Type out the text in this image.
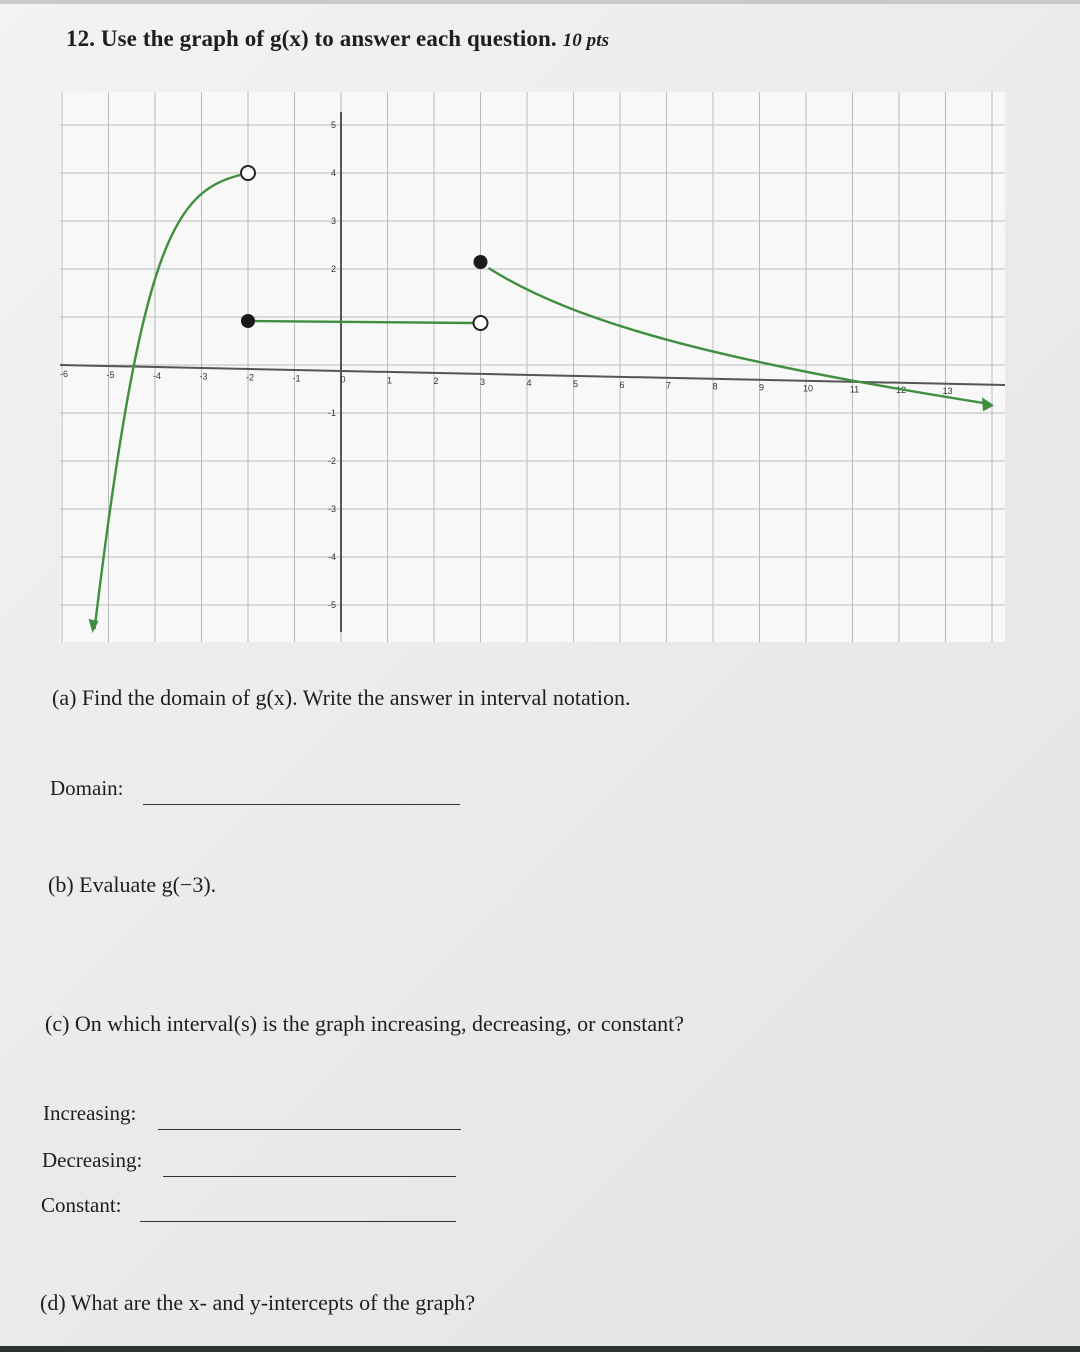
12. Use the graph of g(x) to answer each question. 10 pts
-6	-5	-4	-3	-2	-1	0	1	2	3	4	5	6	7	8	9	10	11	12	13
5
4
3
2
-1
-2
-3
-4
-5
(a) Find the domain of g(x). Write the answer in interval notation.
Domain:
(b) Evaluate g(−3).
(c) On which interval(s) is the graph increasing, decreasing, or constant?
Increasing:
Decreasing:
Constant:
(d) What are the x- and y-intercepts of the graph?
